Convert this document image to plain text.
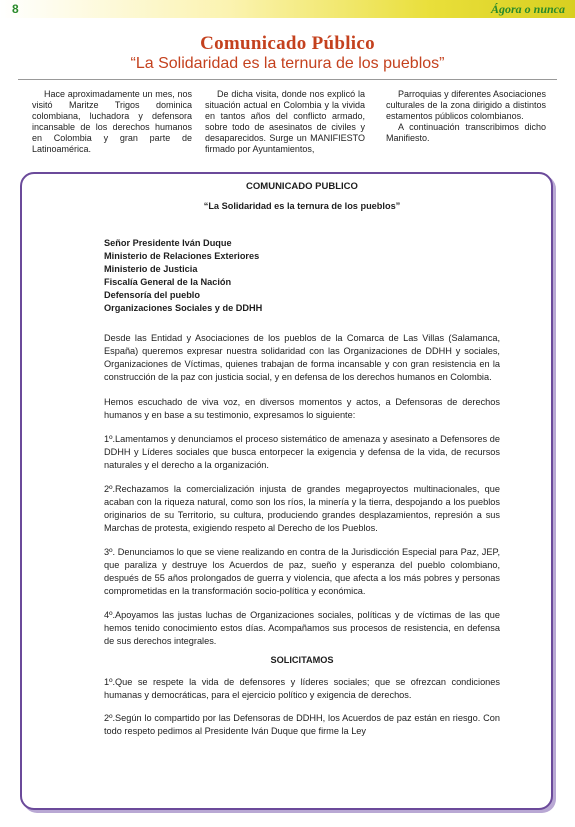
8	Ágora o nunca
Comunicado Público
“La Solidaridad es la ternura de los pueblos”

Hace aproximadamente un mes, nos visitó Maritze Trigos dominica colombiana, luchadora y defensora incansable de los derechos humanos en Colombia y gran parte de Latinoamérica.

De dicha visita, donde nos explicó la situación actual en Colombia y la vivida en tantos años del conflicto armado, sobre todo de asesinatos de civiles y desaparecidos. Surge un MANIFIESTO firmado por Ayuntamientos,

Parroquias y diferentes Asociaciones culturales de la zona dirigido a distintos estamentos públicos colombianos.

A continuación transcribimos dicho Manifiesto.

COMUNICADO PUBLICO
“La Solidaridad es la ternura de los pueblos”
Señor Presidente Iván Duque
Ministerio de Relaciones Exteriores
Ministerio de Justicia
Fiscalía General de la Nación
Defensoría del pueblo
Organizaciones Sociales y de DDHH

Desde las Entidad y Asociaciones de los pueblos de la Comarca de Las Villas (Salamanca, España) queremos expresar nuestra solidaridad con las Organizaciones de DDHH y sociales, Organizaciones de Víctimas, quienes trabajan de forma incansable y con gran resistencia en la construcción de la paz con justicia social, y en defensa de los derechos humanos en Colombia.

Hemos escuchado de viva voz, en diversos momentos y actos, a Defensoras de derechos humanos y en base a su testimonio, expresamos lo siguiente:

1º.Lamentamos y denunciamos el proceso sistemático de amenaza y asesinato a Defensores de DDHH y Líderes sociales que busca entorpecer la exigencia y defensa de la vida, de recursos naturales y el derecho a la organización.

2º.Rechazamos la comercialización injusta de grandes megaproyectos multinacionales, que acaban con la riqueza natural, como son los ríos, la minería y la tierra, despojando a los pueblos originarios de su Territorio, su cultura, produciendo grandes desplazamientos, represión a sus Marchas de protesta, exigiendo respeto al Derecho de los Pueblos.

3º. Denunciamos lo que se viene realizando en contra de la Jurisdicción Especial para Paz, JEP, que paraliza y destruye los Acuerdos de paz, sueño y esperanza del pueblo colombiano, después de 55 años prolongados de guerra y violencia, que afecta a los más pobres y personas comprometidas en la transformación socio-política y económica.

4º.Apoyamos las justas luchas de Organizaciones sociales, políticas y de víctimas de las que hemos tenido conocimiento estos días. Acompañamos sus procesos de resistencia, en defensa de sus derechos integrales.

SOLICITAMOS

1º.Que se respete la vida de defensores y líderes sociales; que se ofrezcan condiciones humanas y democráticas, para el ejercicio político y exigencia de derechos.

2º.Según lo compartido por las Defensoras de DDHH, los Acuerdos de paz están en riesgo. Con todo respeto pedimos al Presidente Iván Duque que firme la Ley
